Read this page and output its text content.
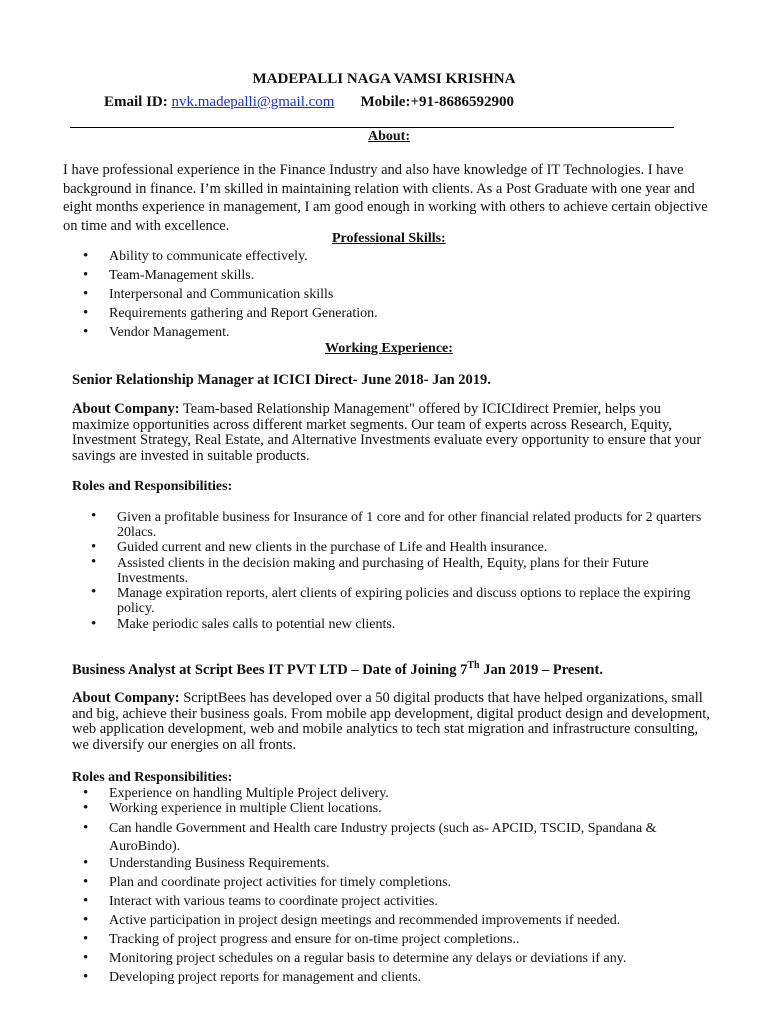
MADEPALLI NAGA VAMSI KRISHNA
Email ID: nvk.madepalli@gmail.com Mobile:+91-8686592900
About:
I have professional experience in the Finance Industry and also have knowledge of IT Technologies. I have background in finance. I’m skilled in maintaining relation with clients. As a Post Graduate with one year and eight months experience in management, I am good enough in working with others to achieve certain objective on time and with excellence.
Professional Skills:
• Ability to communicate effectively.
• Team-Management skills.
• Interpersonal and Communication skills
• Requirements gathering and Report Generation.
• Vendor Management.
Working Experience:
Senior Relationship Manager at ICICI Direct- June 2018- Jan 2019.
About Company: Team-based Relationship Management" offered by ICICIdirect Premier, helps you maximize opportunities across different market segments. Our team of experts across Research, Equity, Investment Strategy, Real Estate, and Alternative Investments evaluate every opportunity to ensure that your savings are invested in suitable products.
Roles and Responsibilities:
• Given a profitable business for Insurance of 1 core and for other financial related products for 2 quarters 20lacs.
• Guided current and new clients in the purchase of Life and Health insurance.
• Assisted clients in the decision making and purchasing of Health, Equity, plans for their Future Investments.
• Manage expiration reports, alert clients of expiring policies and discuss options to replace the expiring policy.
• Make periodic sales calls to potential new clients.
Business Analyst at Script Bees IT PVT LTD – Date of Joining 7Th Jan 2019 – Present.
About Company: ScriptBees has developed over a 50 digital products that have helped organizations, small and big, achieve their business goals. From mobile app development, digital product design and development, web application development, web and mobile analytics to tech stat migration and infrastructure consulting, we diversify our energies on all fronts.
Roles and Responsibilities:
• Experience on handling Multiple Project delivery.
• Working experience in multiple Client locations.
• Can handle Government and Health care Industry projects (such as- APCID, TSCID, Spandana & AuroBindo).
• Understanding Business Requirements.
• Plan and coordinate project activities for timely completions.
• Interact with various teams to coordinate project activities.
• Active participation in project design meetings and recommended improvements if needed.
• Tracking of project progress and ensure for on-time project completions..
• Monitoring project schedules on a regular basis to determine any delays or deviations if any.
• Developing project reports for management and clients.
